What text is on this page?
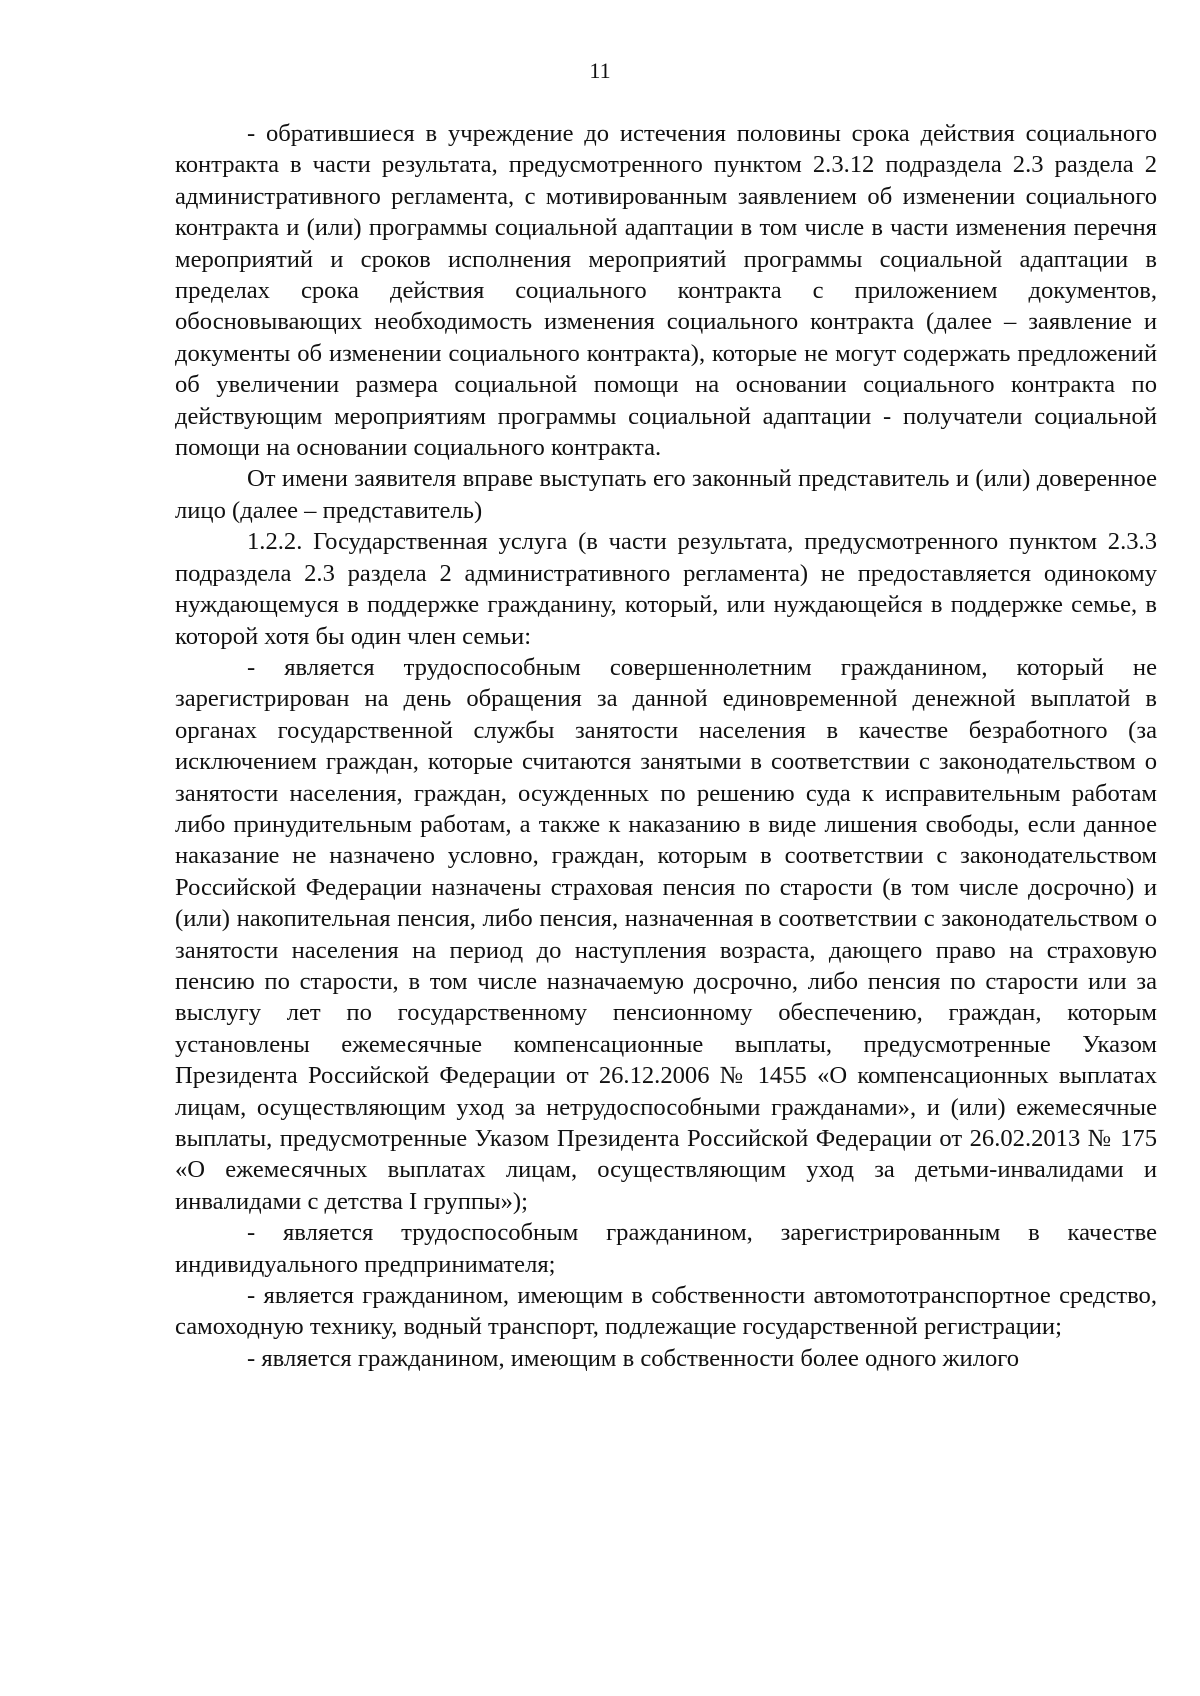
11

- обратившиеся в учреждение до истечения половины срока действия социального контракта в части результата, предусмотренного пунктом 2.3.12 подраздела 2.3 раздела 2 административного регламента, с мотивированным заявлением об изменении социального контракта и (или) программы социальной адаптации в том числе в части изменения перечня мероприятий и сроков исполнения мероприятий программы социальной адаптации в пределах срока действия социального контракта с приложением документов, обосновывающих необходимость изменения социального контракта (далее – заявление и документы об изменении социального контракта), которые не могут содержать предложений об увеличении размера социальной помощи на основании социального контракта по действующим мероприятиям программы социальной адаптации - получатели социальной помощи на основании социального контракта.

От имени заявителя вправе выступать его законный представитель и (или) доверенное лицо (далее – представитель)

1.2.2. Государственная услуга (в части результата, предусмотренного пунктом 2.3.3 подраздела 2.3 раздела 2 административного регламента) не предоставляется одинокому нуждающемуся в поддержке гражданину, который, или нуждающейся в поддержке семье, в которой хотя бы один член семьи:

- является трудоспособным совершеннолетним гражданином, который не зарегистрирован на день обращения за данной единовременной денежной выплатой в органах государственной службы занятости населения в качестве безработного (за исключением граждан, которые считаются занятыми в соответствии с законодательством о занятости населения, граждан, осужденных по решению суда к исправительным работам либо принудительным работам, а также к наказанию в виде лишения свободы, если данное наказание не назначено условно, граждан, которым в соответствии с законодательством Российской Федерации назначены страховая пенсия по старости (в том числе досрочно) и (или) накопительная пенсия, либо пенсия, назначенная в соответствии с законодательством о занятости населения на период до наступления возраста, дающего право на страховую пенсию по старости, в том числе назначаемую досрочно, либо пенсия по старости или за выслугу лет по государственному пенсионному обеспечению, граждан, которым установлены ежемесячные компенсационные выплаты, предусмотренные Указом Президента Российской Федерации от 26.12.2006 № 1455 «О компенсационных выплатах лицам, осуществляющим уход за нетрудоспособными гражданами», и (или) ежемесячные выплаты, предусмотренные Указом Президента Российской Федерации от 26.02.2013 № 175 «О ежемесячных выплатах лицам, осуществляющим уход за детьми-инвалидами и инвалидами с детства I группы»);

- является трудоспособным гражданином, зарегистрированным в качестве индивидуального предпринимателя;

- является гражданином, имеющим в собственности автомототранспортное средство, самоходную технику, водный транспорт, подлежащие государственной регистрации;

- является гражданином, имеющим в собственности более одного жилого
